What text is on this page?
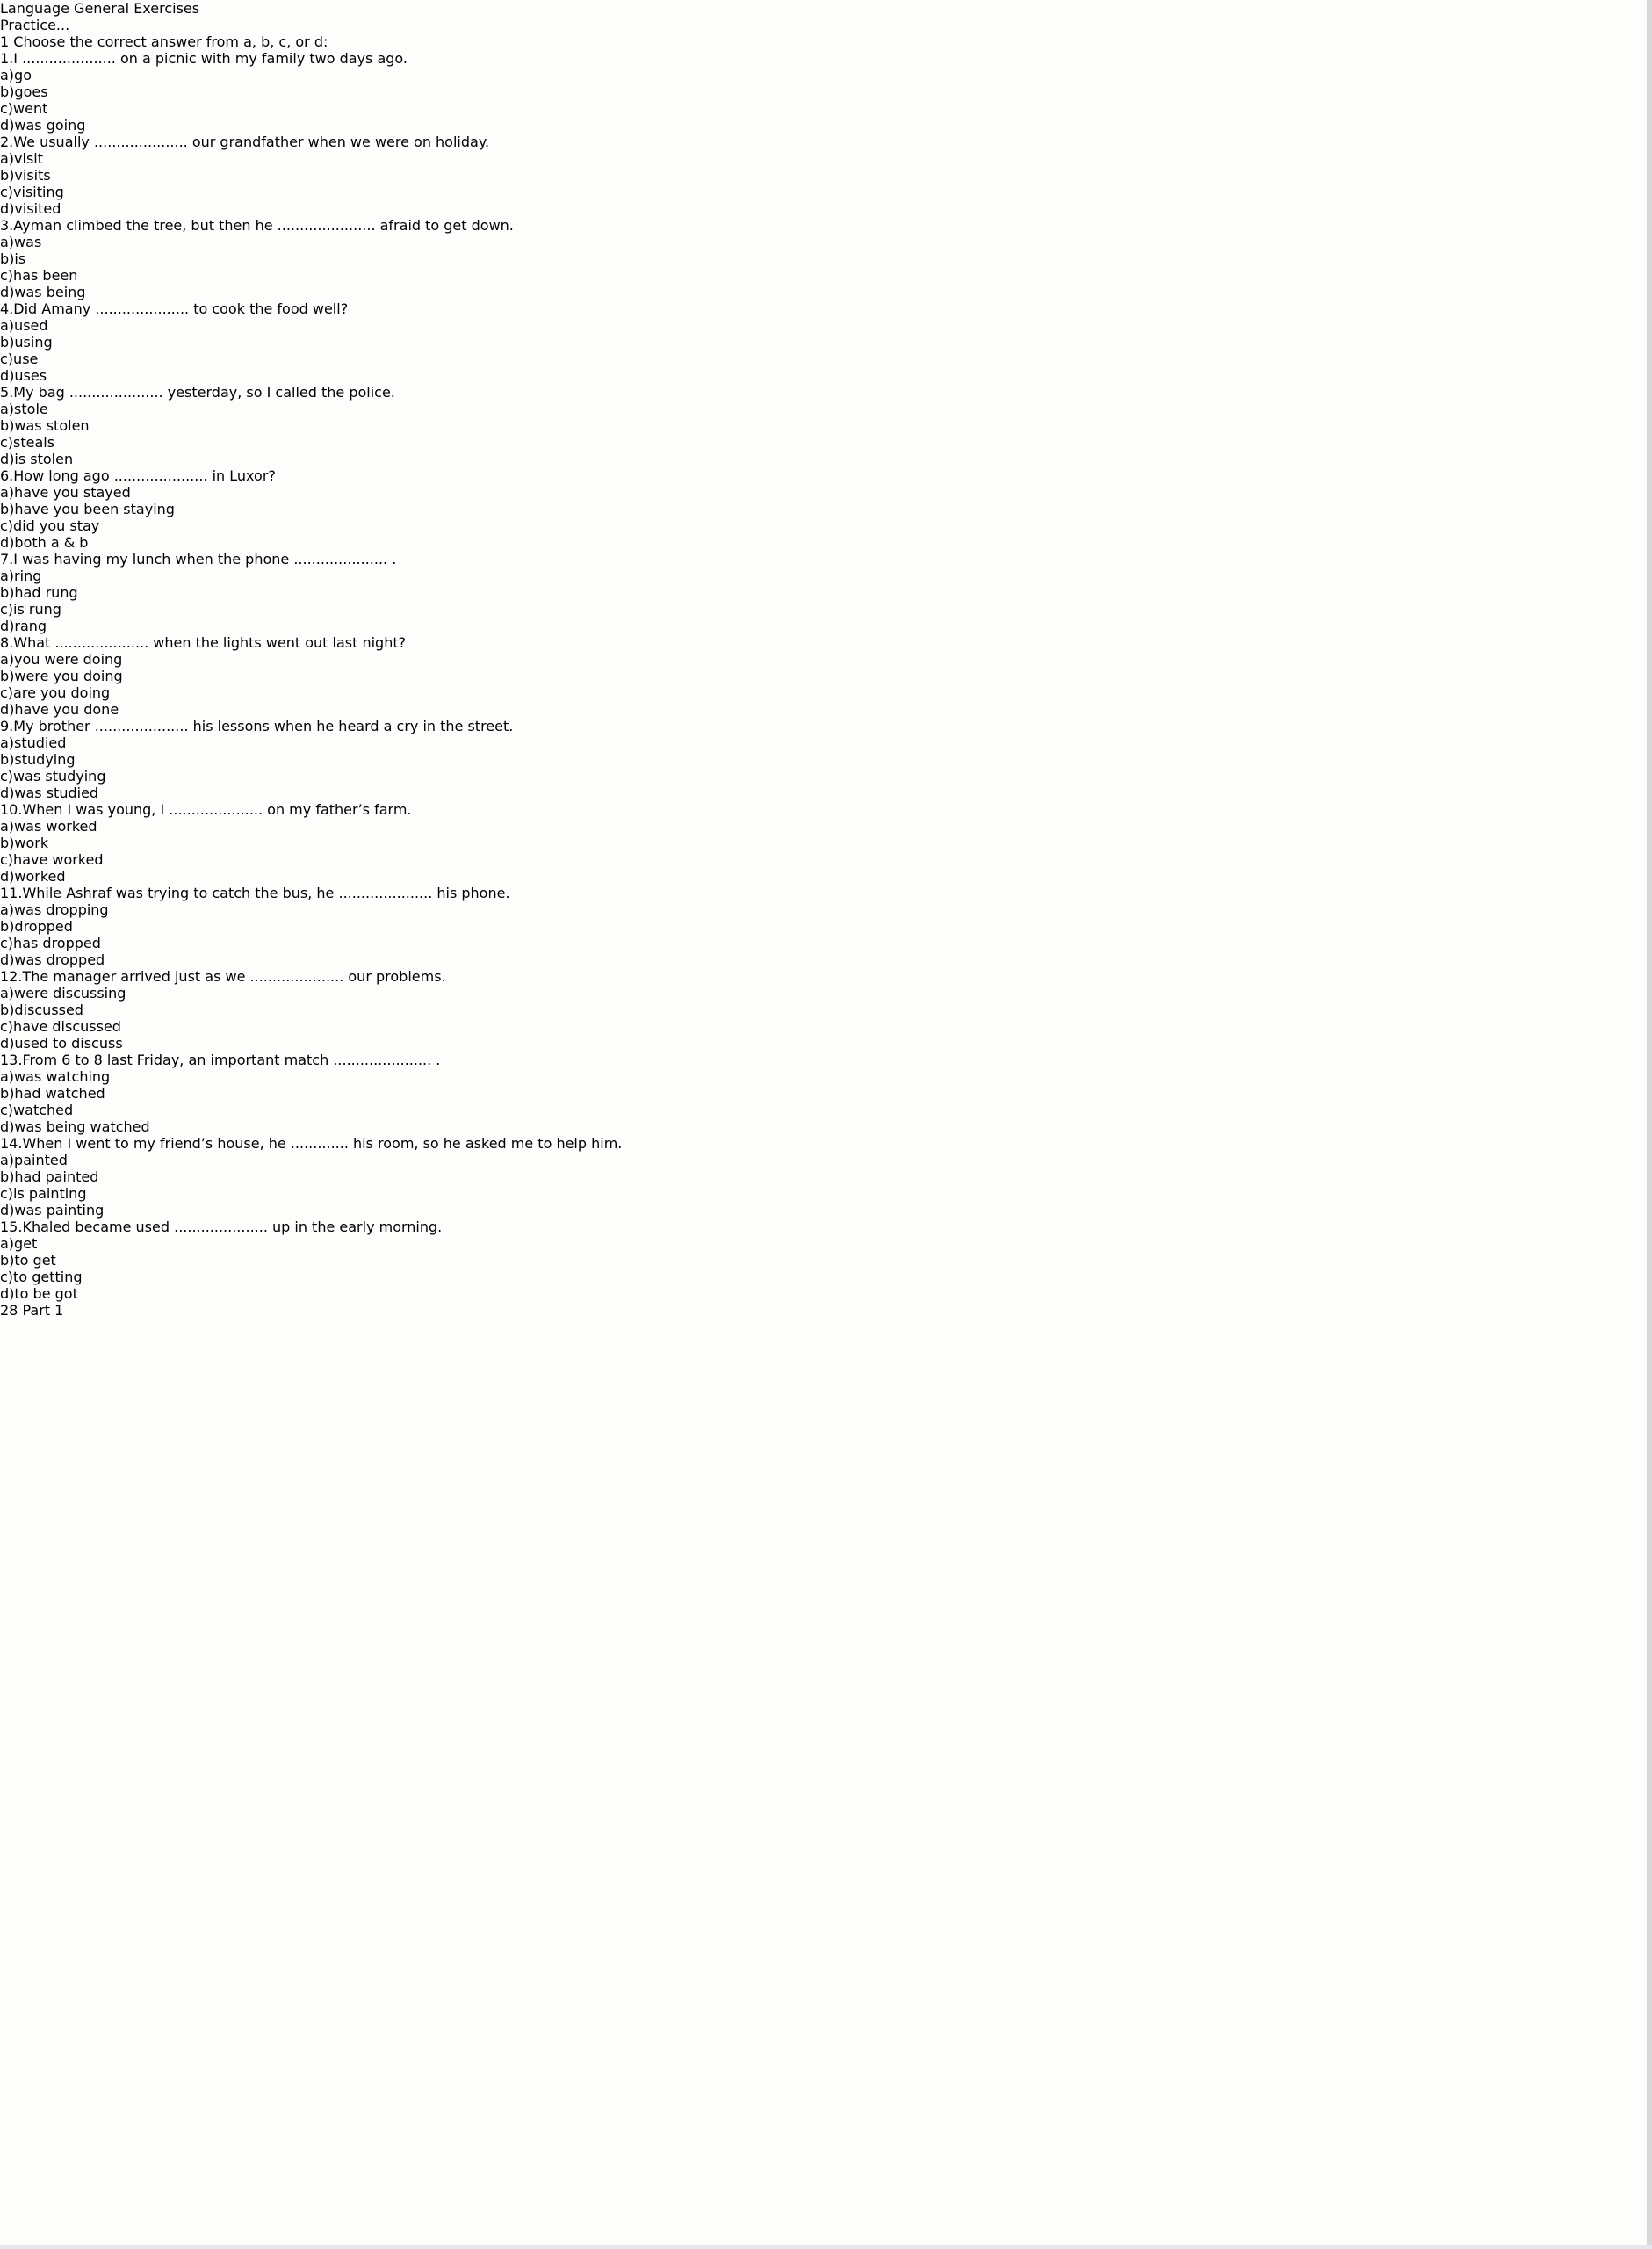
Language General Exercises
Practice...
1 Choose the correct answer from a, b, c, or d:
1.I ..................... on a picnic with my family two days ago.
a)go
b)goes
c)went
d)was going
2.We usually ..................... our grandfather when we were on holiday.
a)visit
b)visits
c)visiting
d)visited
3.Ayman climbed the tree, but then he ...................... afraid to get down.
a)was
b)is
c)has been
d)was being
4.Did Amany ..................... to cook the food well?
a)used
b)using
c)use
d)uses
5.My bag ..................... yesterday, so I called the police.
a)stole
b)was stolen
c)steals
d)is stolen
6.How long ago ..................... in Luxor?
a)have you stayed
b)have you been staying
c)did you stay
d)both a & b
7.I was having my lunch when the phone ..................... .
a)ring
b)had rung
c)is rung
d)rang
8.What ..................... when the lights went out last night?
a)you were doing
b)were you doing
c)are you doing
d)have you done
9.My brother ..................... his lessons when he heard a cry in the street.
a)studied
b)studying
c)was studying
d)was studied
10.When I was young, I ..................... on my father’s farm.
a)was worked
b)work
c)have worked
d)worked
11.While Ashraf was trying to catch the bus, he ..................... his phone.
a)was dropping
b)dropped
c)has dropped
d)was dropped
12.The manager arrived just as we ..................... our problems.
a)were discussing
b)discussed
c)have discussed
d)used to discuss
13.From 6 to 8 last Friday, an important match ...................... .
a)was watching
b)had watched
c)watched
d)was being watched
14.When I went to my friend’s house, he ............. his room, so he asked me to help him.
a)painted
b)had painted
c)is painting
d)was painting
15.Khaled became used ..................... up in the early morning.
a)get
b)to get
c)to getting
d)to be got
28 Part 1
